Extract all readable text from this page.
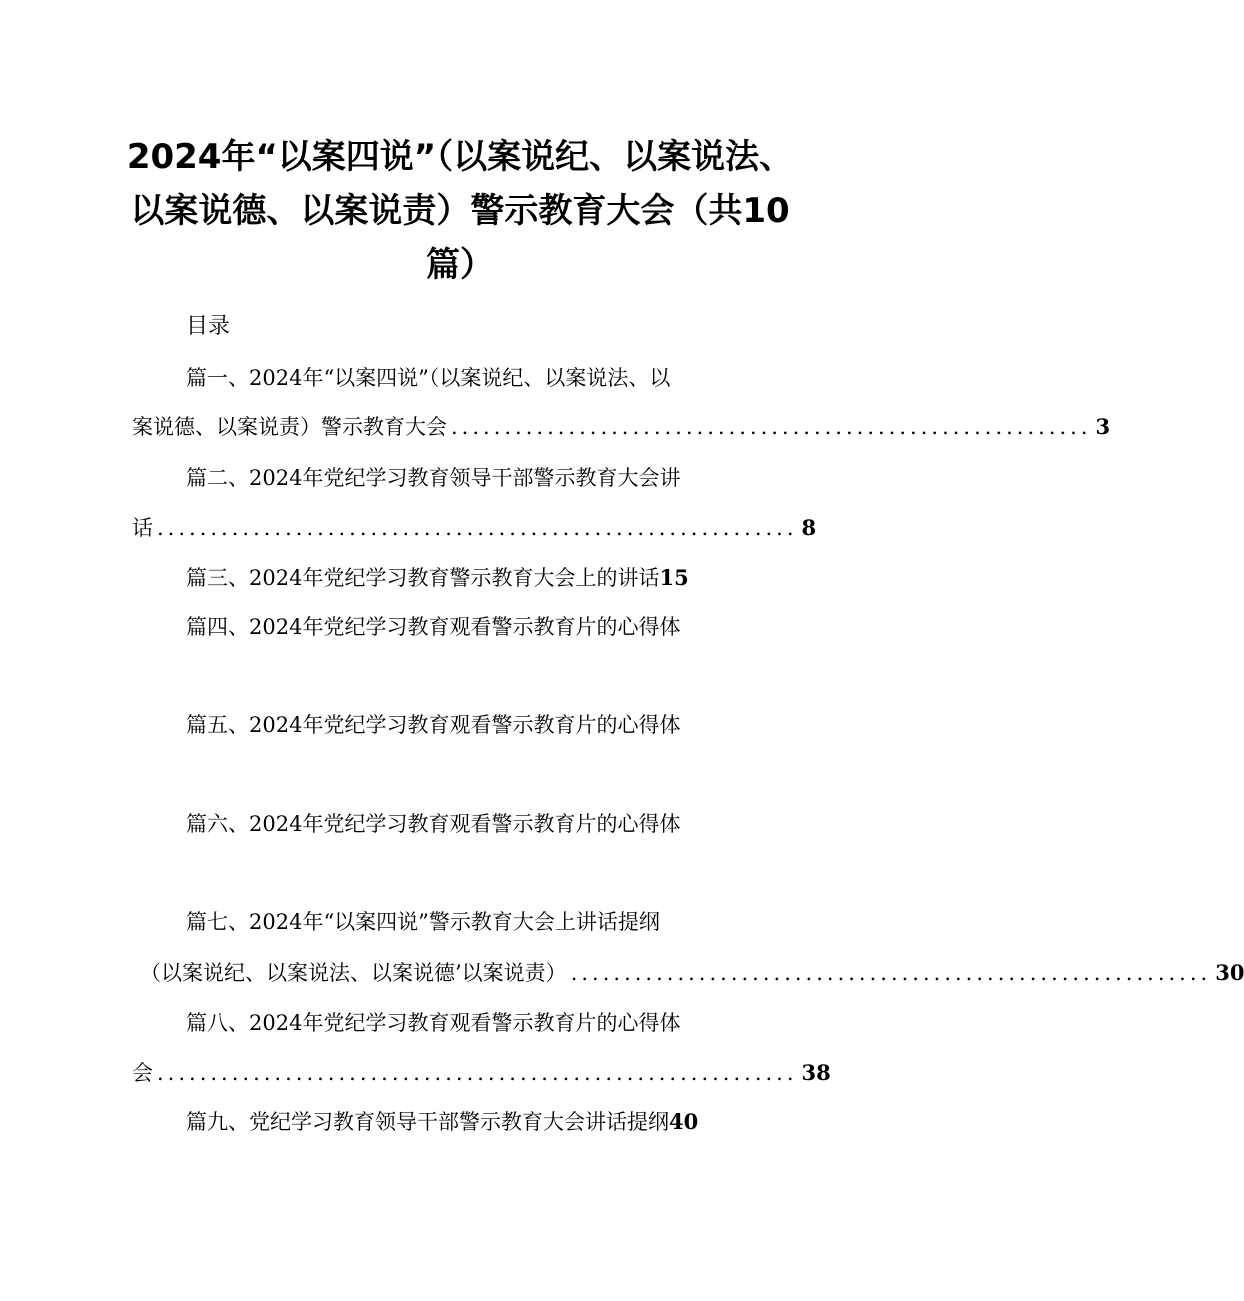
2024年“以案四说”（以案说纪、以案说法、
以案说德、以案说责）警示教育大会（共10
篇）
目录
篇一、2024年“以案四说”（以案说纪、以案说法、以
案说德、以案说责）警示教育大会 ............................................................ 3
篇二、2024年党纪学习教育领导干部警示教育大会讲
话 ............................................................ 8
篇三、2024年党纪学习教育警示教育大会上的讲话15
篇四、2024年党纪学习教育观看警示教育片的心得体
篇五、2024年党纪学习教育观看警示教育片的心得体
篇六、2024年党纪学习教育观看警示教育片的心得体
篇七、2024年“以案四说”警示教育大会上讲话提纲
（以案说纪、以案说法、以案说德’以案说责） ............................................................ 30
篇八、2024年党纪学习教育观看警示教育片的心得体
会 ............................................................ 38
篇九、党纪学习教育领导干部警示教育大会讲话提纲40
